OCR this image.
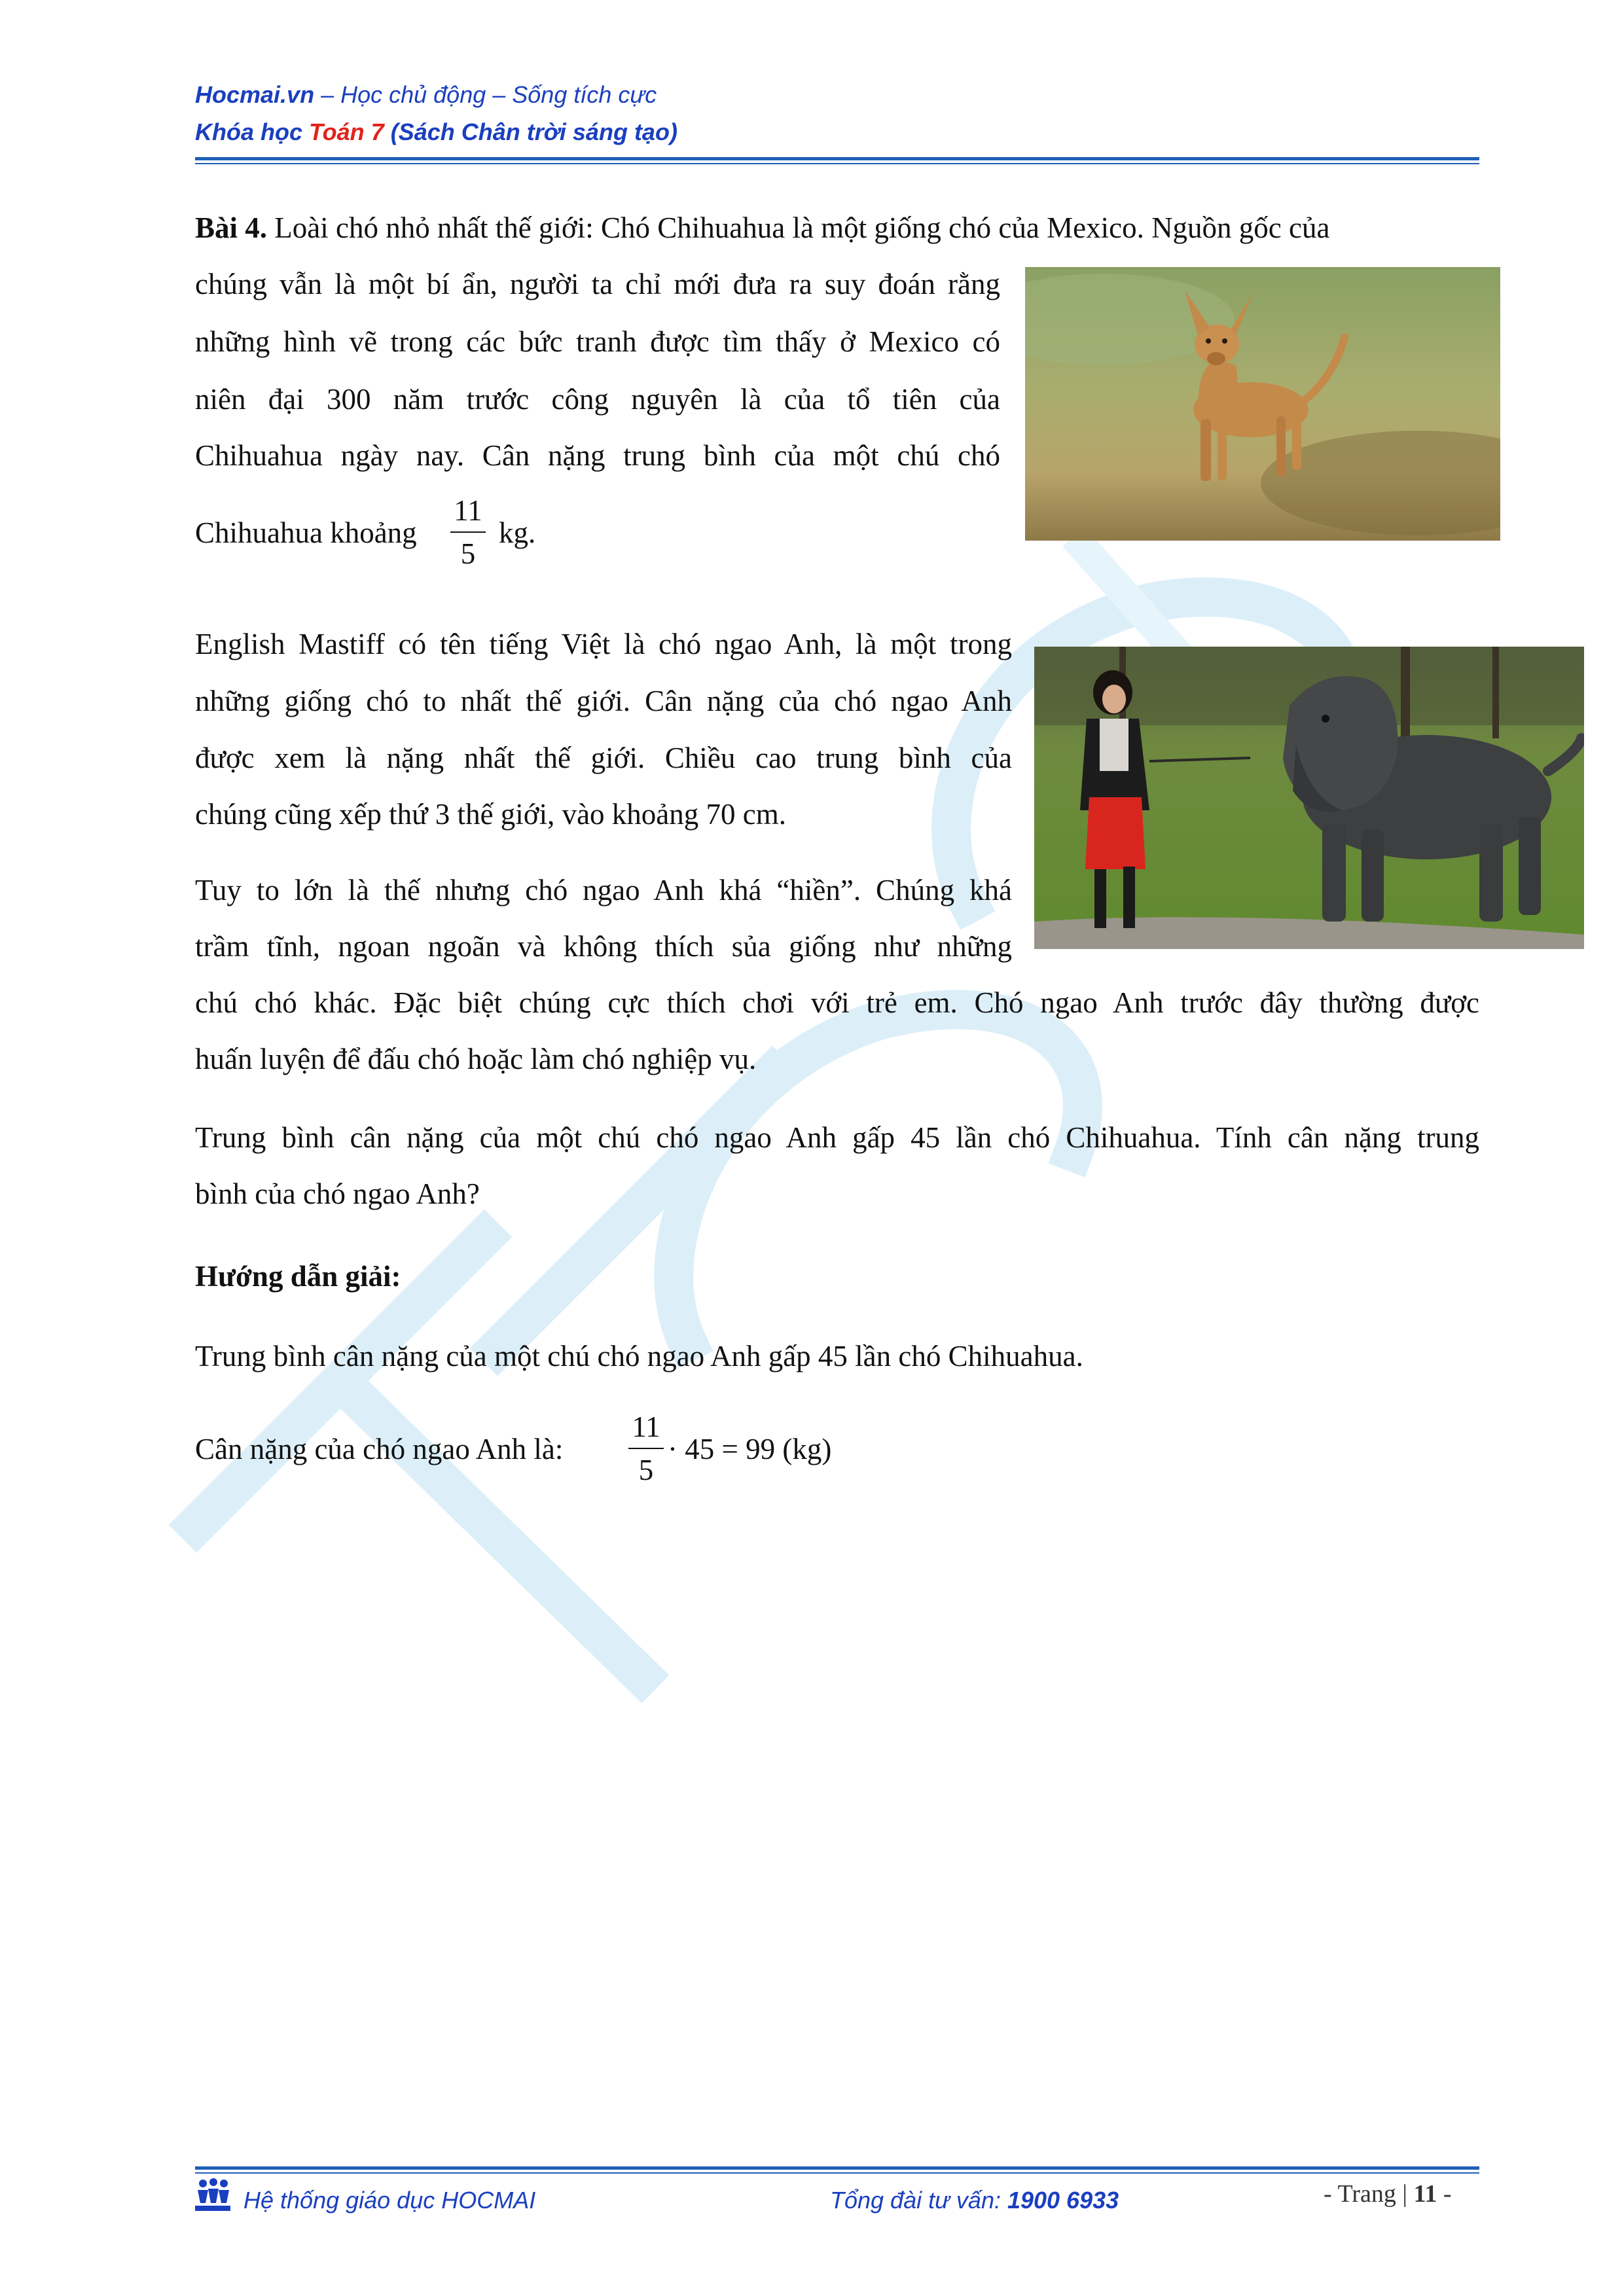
Hocmai.vn – Học chủ động – Sống tích cực
Khóa học Toán 7 (Sách Chân trời sáng tạo)
Bài 4. Loài chó nhỏ nhất thế giới: Chó Chihuahua là một giống chó của Mexico. Nguồn gốc của
chúng vẫn là một bí ẩn, người ta chỉ mới đưa ra suy đoán rằng
những hình vẽ trong các bức tranh được tìm thấy ở Mexico có
niên đại 300 năm trước công nguyên là của tổ tiên của
Chihuahua ngày nay. Cân nặng trung bình của một chú chó
Chihuahua khoảng
11
5
kg.
English Mastiff có tên tiếng Việt là chó ngao Anh, là một trong
những giống chó to nhất thế giới. Cân nặng của chó ngao Anh
được xem là nặng nhất thế giới. Chiều cao trung bình của
chúng cũng xếp thứ 3 thế giới, vào khoảng 70 cm.
Tuy to lớn là thế nhưng chó ngao Anh khá “hiền”. Chúng khá
trầm tĩnh, ngoan ngoãn và không thích sủa giống như những
chú chó khác. Đặc biệt chúng cực thích chơi với trẻ em. Chó ngao Anh trước đây thường được
huấn luyện để đấu chó hoặc làm chó nghiệp vụ.
Trung bình cân nặng của một chú chó ngao Anh gấp 45 lần chó Chihuahua. Tính cân nặng trung
bình của chó ngao Anh?
Hướng dẫn giải:
Trung bình cân nặng của một chú chó ngao Anh gấp 45 lần chó Chihuahua.
Cân nặng của chó ngao Anh là:
11
5
· 45 = 99 (kg)
Hệ thống giáo dục HOCMAI	Tổng đài tư vấn: 1900 6933	- Trang | 11 -
